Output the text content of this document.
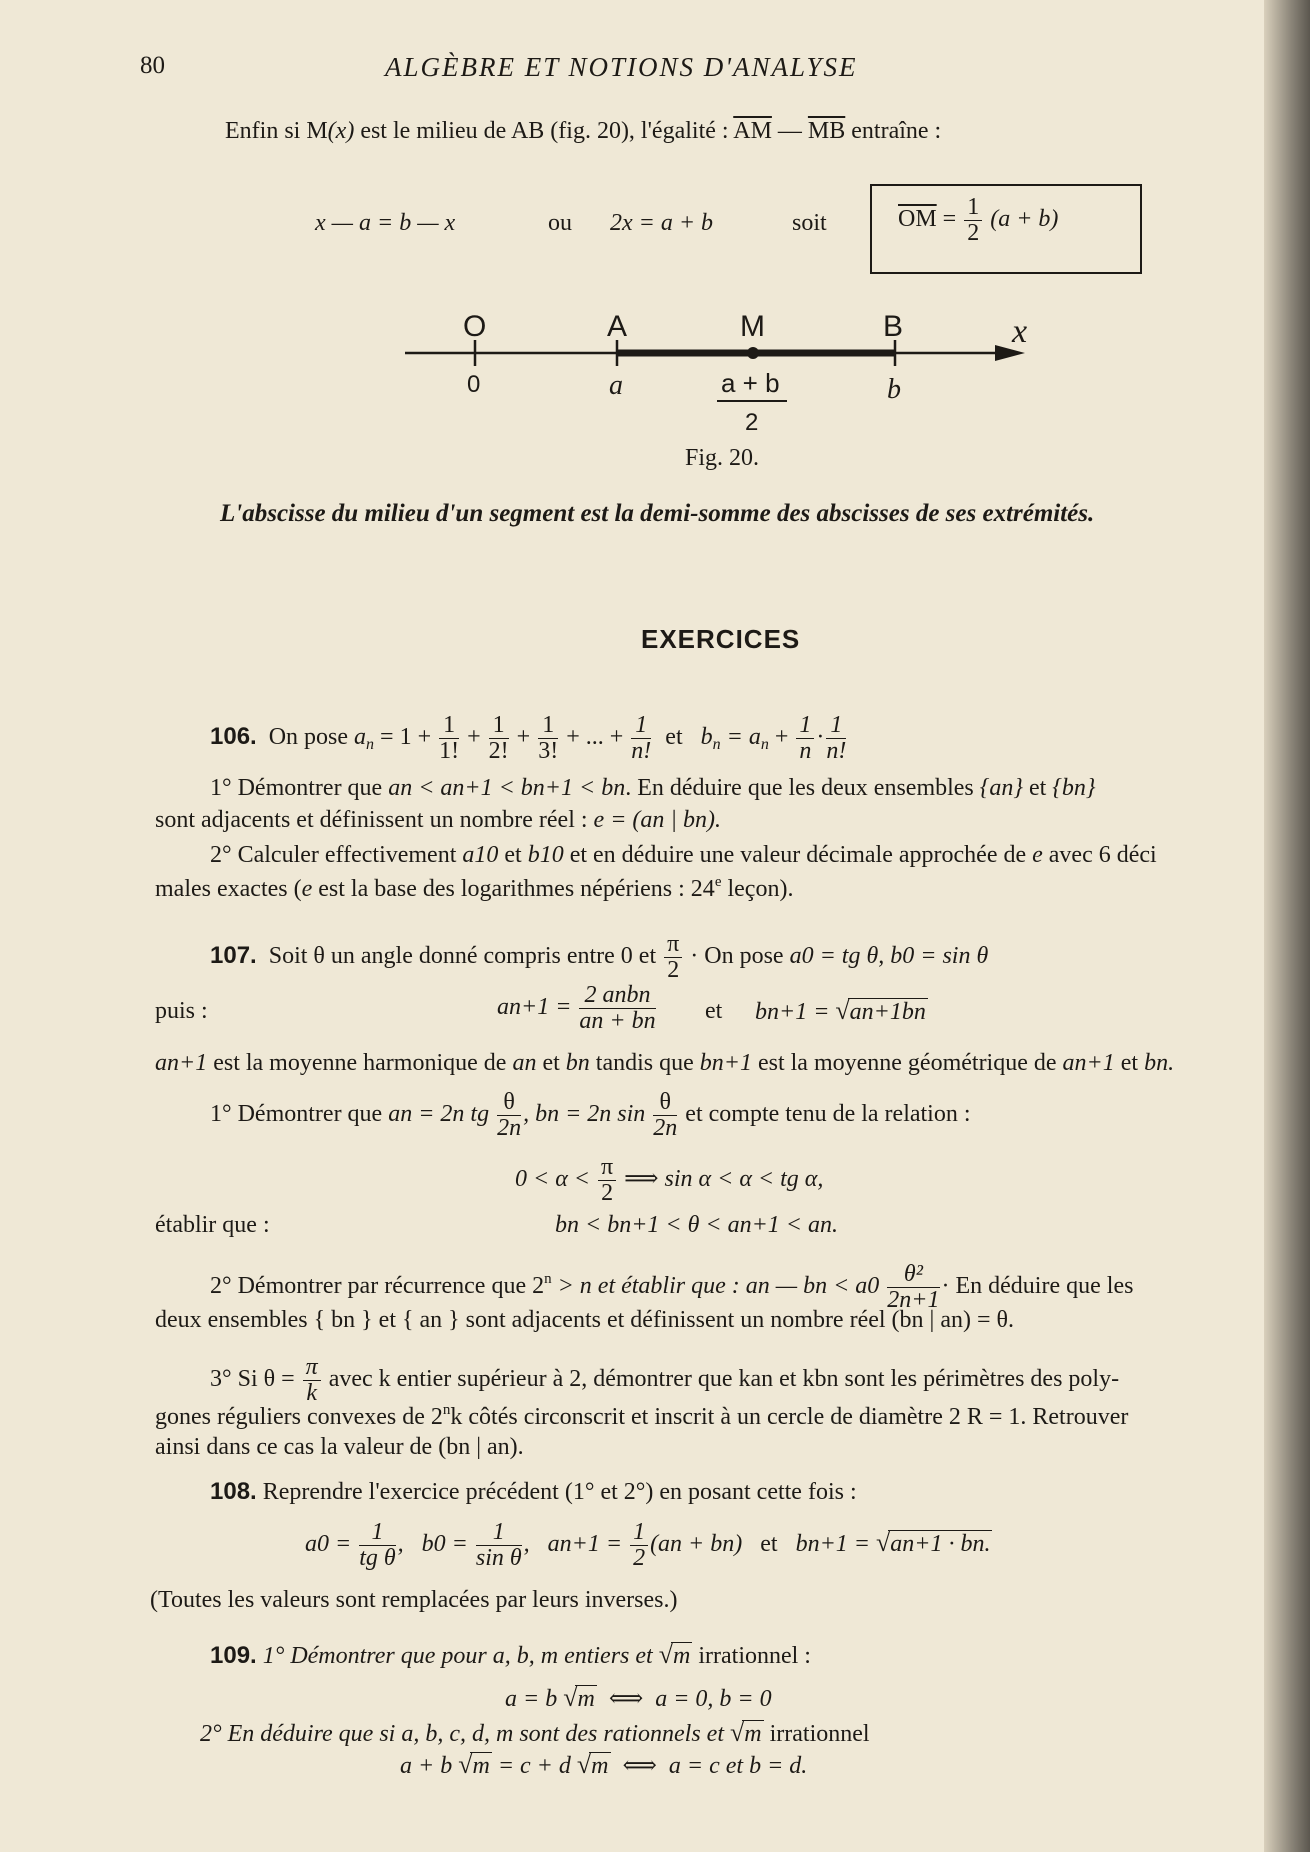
80	ALGÈBRE ET NOTIONS D'ANALYSE
Enfin si M(x) est le milieu de AB (fig. 20), l'égalité : $\overline{AM}$ — $\overline{MB}$ entraîne :
x — a = b — x	ou 2x = a + b	soit	$\overline{OM} = \frac{1}{2} (a + b)$
O	A	M	B	x
0	a	a + b
2
b
Fig. 20.
L'abscisse du milieu d'un segment est la demi-somme des abscisses de ses extrémités.
EXERCICES
106. On pose $a_n = 1 + \frac{1}{1!} + \frac{1}{2!} + \frac{1}{3!}$ + ... + $\frac{1}{n!}$ et $b_n = a_n + \frac{1}{n} \cdot \frac{1}{n!}$
1° Démontrer que an < an+1 < bn+1 < bn. En déduire que les deux ensembles {an} et {bn}
sont adjacents et définissent un nombre réel : e = (an | bn).
2° Calculer effectivement a10 et b10 et en déduire une valeur décimale approchée de e avec 6 déci
males exactes (e est la base des logarithmes népériens : 24e leçon).
107. Soit θ un angle donné compris entre 0 et $\frac{\pi}{2} \cdot On$ pose a0 = tg θ, b0 = sin θ
puis :	$an+1 = \frac{\text{2 anbn}}{an + bn}$ et bn+1 = √an+1bn
an+1 est la moyenne harmonique de an et bn tandis que bn+1 est la moyenne géométrique de an+1 et bn.
1° Démontrer que an = 2n tg $\frac{\theta}{2n}$ , bn = 2n $\sin \frac{\theta}{2n}$ et compte tenu de la relation :
$0 < \alpha < \frac{\pi}{2}$ ⟹ sin α < α < tg α,
établir que :	bn < bn+1 < θ < an+1 < an.
2° Démontrer par récurrence que $2^n > n$ et établir que : an — bn < $a0 \frac{\text{θ²}}{2n+1} \cdot En$ déduire que les
deux ensembles { bn } et { an } sont adjacents et définissent un nombre réel (bn | an) = θ.
3° Si $\theta = \frac{\pi}{k}$ avec k entier supérieur à 2, démontrer que kan et kbn sont les périmètres des poly-
gones réguliers convexes de 2$^n$k côtés circonscrit et inscrit à un cercle de diamètre 2 R = 1. Retrouver
ainsi dans ce cas la valeur de (bn | an).
108. Reprendre l'exercice précédent (1° et 2°) en posant cette fois :
$a0 = \frac{1}{\text{tg θ}}$ ,   $b0 = \frac{1}{\text{sin θ}}$ ,   $an+1 = \frac{1}{2} (an + bn)$ et bn+1 = √an+1 · bn.
(Toutes les valeurs sont remplacées par leurs inverses.)
109. 1° Démontrer que pour a, b, m entiers et √m irrationnel :
a = b √m ⟺ a = 0, b = 0
2° En déduire que si a, b, c, d, m sont des rationnels et √m irrationnel
a + b √m = c + d √m ⟺ a = c et b = d.
